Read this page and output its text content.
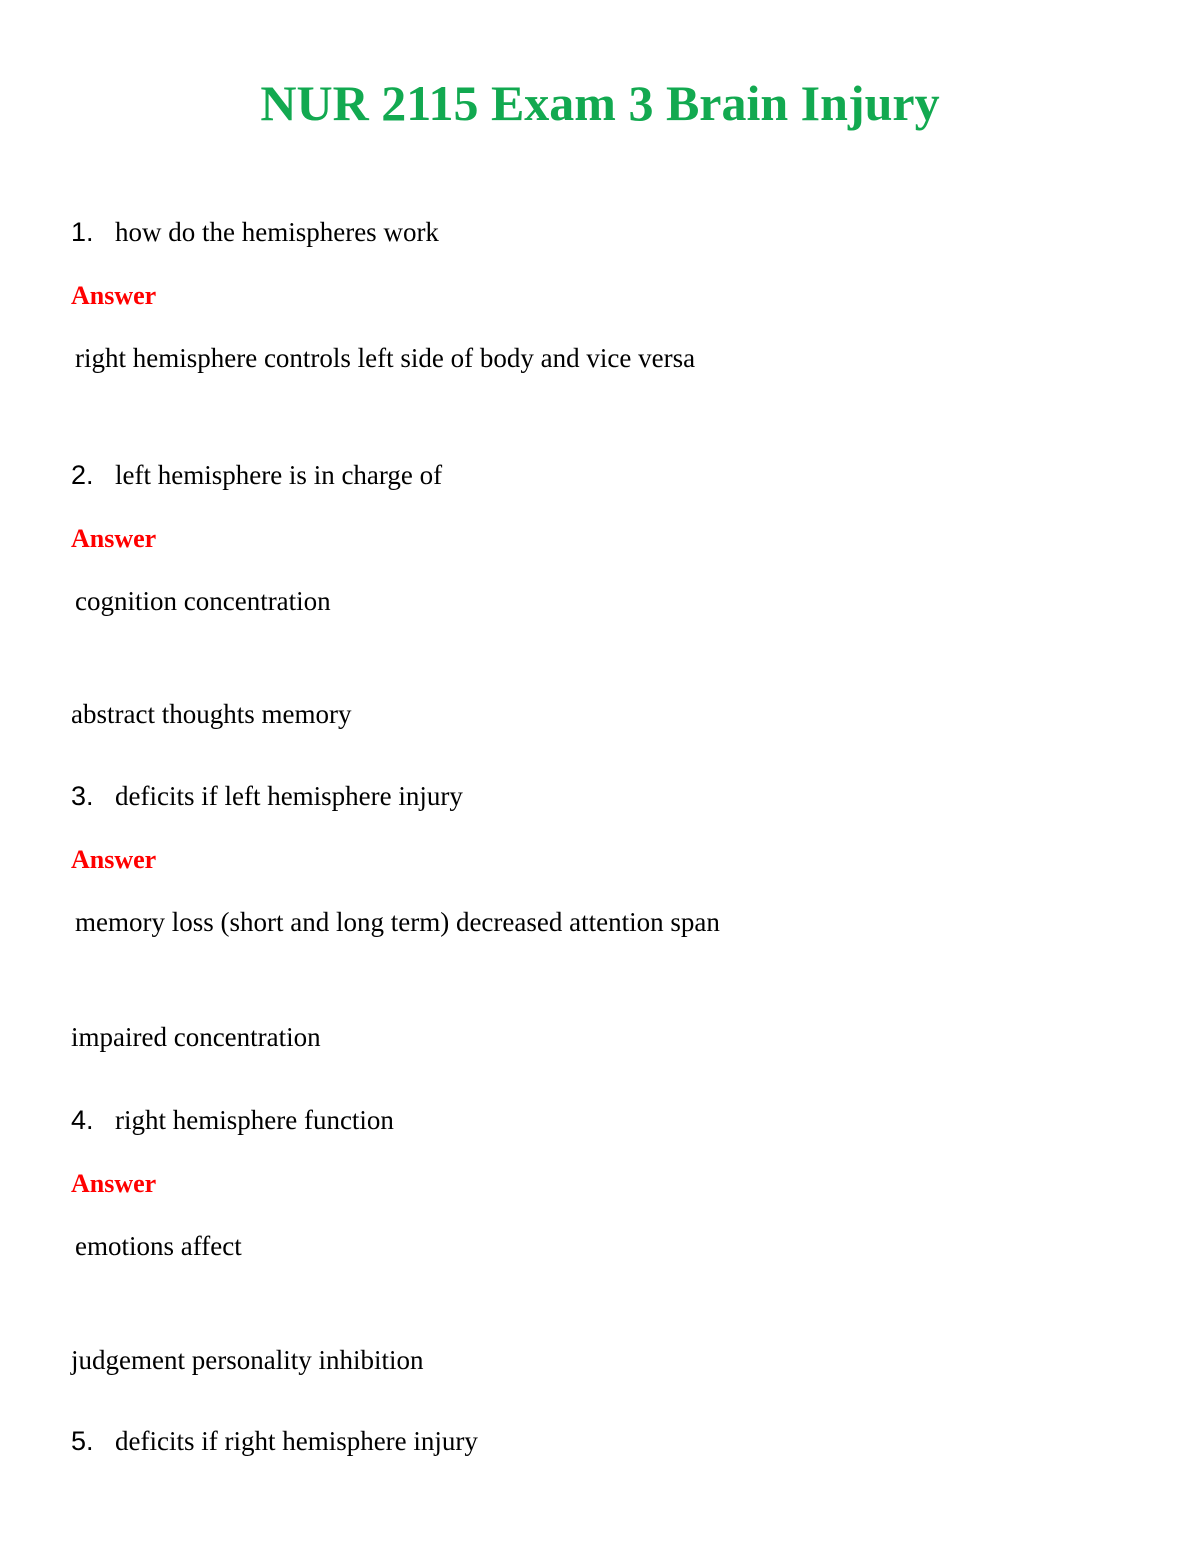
NUR 2115 Exam 3 Brain Injury
1. how do the hemispheres work
Answer
right hemisphere controls left side of body and vice versa
2. left hemisphere is in charge of
Answer
cognition concentration
abstract thoughts memory
3. deficits if left hemisphere injury
Answer
memory loss (short and long term) decreased attention span
impaired concentration
4. right hemisphere function
Answer
emotions affect
judgement personality inhibition
5. deficits if right hemisphere injury
